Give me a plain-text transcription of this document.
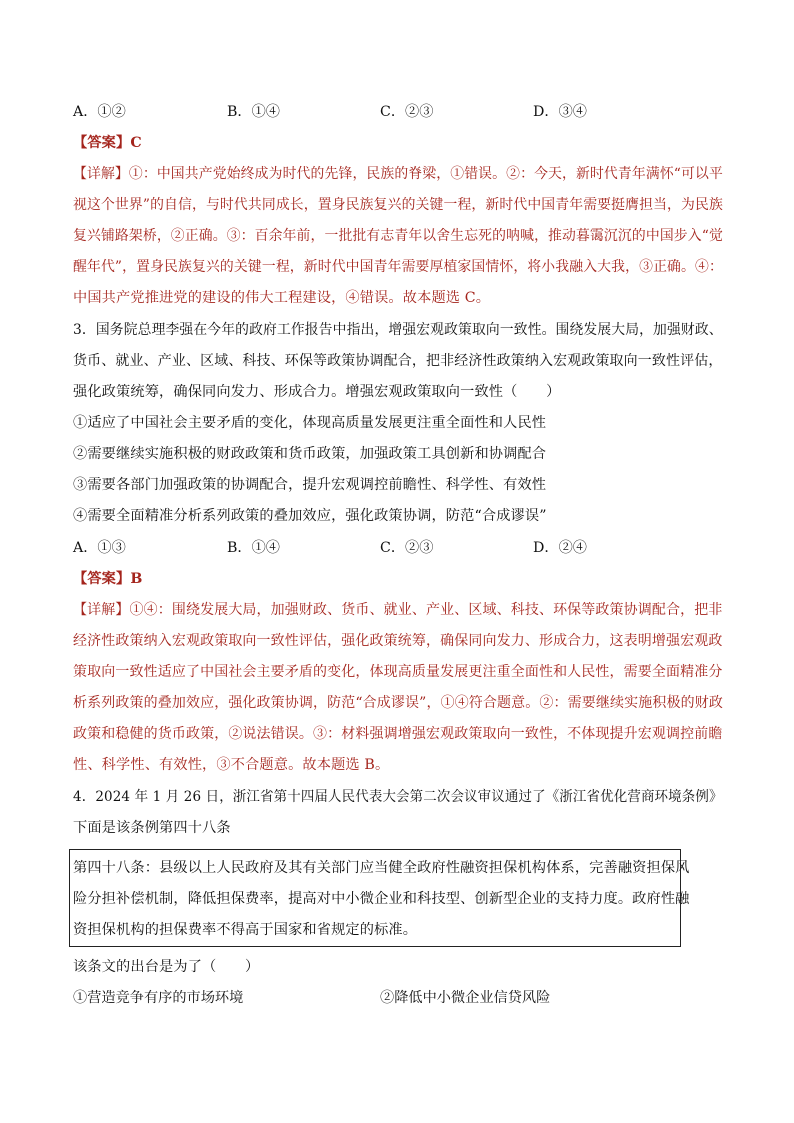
A．①②	B．①④	C．②③	D．③④
【答案】C
【详解】①：中国共产党始终成为时代的先锋，民族的脊梁，①错误。②：今天，新时代青年满怀“可以平
视这个世界”的自信，与时代共同成长，置身民族复兴的关键一程，新时代中国青年需要挺膺担当，为民族
复兴铺路架桥，②正确。③：百余年前，一批批有志青年以舍生忘死的呐喊，推动暮霭沉沉的中国步入“觉
醒年代”，置身民族复兴的关键一程，新时代中国青年需要厚植家国情怀，将小我融入大我，③正确。④：
中国共产党推进党的建设的伟大工程建设，④错误。故本题选 C。
3．国务院总理李强在今年的政府工作报告中指出，增强宏观政策取向一致性。围绕发展大局，加强财政、
货币、就业、产业、区域、科技、环保等政策协调配合，把非经济性政策纳入宏观政策取向一致性评估，
强化政策统筹，确保同向发力、形成合力。增强宏观政策取向一致性（　　）
①适应了中国社会主要矛盾的变化，体现高质量发展更注重全面性和人民性
②需要继续实施积极的财政政策和货币政策，加强政策工具创新和协调配合
③需要各部门加强政策的协调配合，提升宏观调控前瞻性、科学性、有效性
④需要全面精准分析系列政策的叠加效应，强化政策协调，防范“合成谬误”
A．①③	B．①④	C．②③	D．②④
【答案】B
【详解】①④：围绕发展大局，加强财政、货币、就业、产业、区域、科技、环保等政策协调配合，把非
经济性政策纳入宏观政策取向一致性评估，强化政策统筹，确保同向发力、形成合力，这表明增强宏观政
策取向一致性适应了中国社会主要矛盾的变化，体现高质量发展更注重全面性和人民性，需要全面精准分
析系列政策的叠加效应，强化政策协调，防范“合成谬误”，①④符合题意。②：需要继续实施积极的财政
政策和稳健的货币政策，②说法错误。③：材料强调增强宏观政策取向一致性，不体现提升宏观调控前瞻
性、科学性、有效性，③不合题意。故本题选 B。
4．2024 年 1 月 26 日，浙江省第十四届人民代表大会第二次会议审议通过了《浙江省优化营商环境条例》
下面是该条例第四十八条
第四十八条：县级以上人民政府及其有关部门应当健全政府性融资担保机构体系，完善融资担保风
险分担补偿机制，降低担保费率，提高对中小微企业和科技型、创新型企业的支持力度。政府性融
资担保机构的担保费率不得高于国家和省规定的标准。
该条文的出台是为了（　　）
①营造竞争有序的市场环境	②降低中小微企业信贷风险
